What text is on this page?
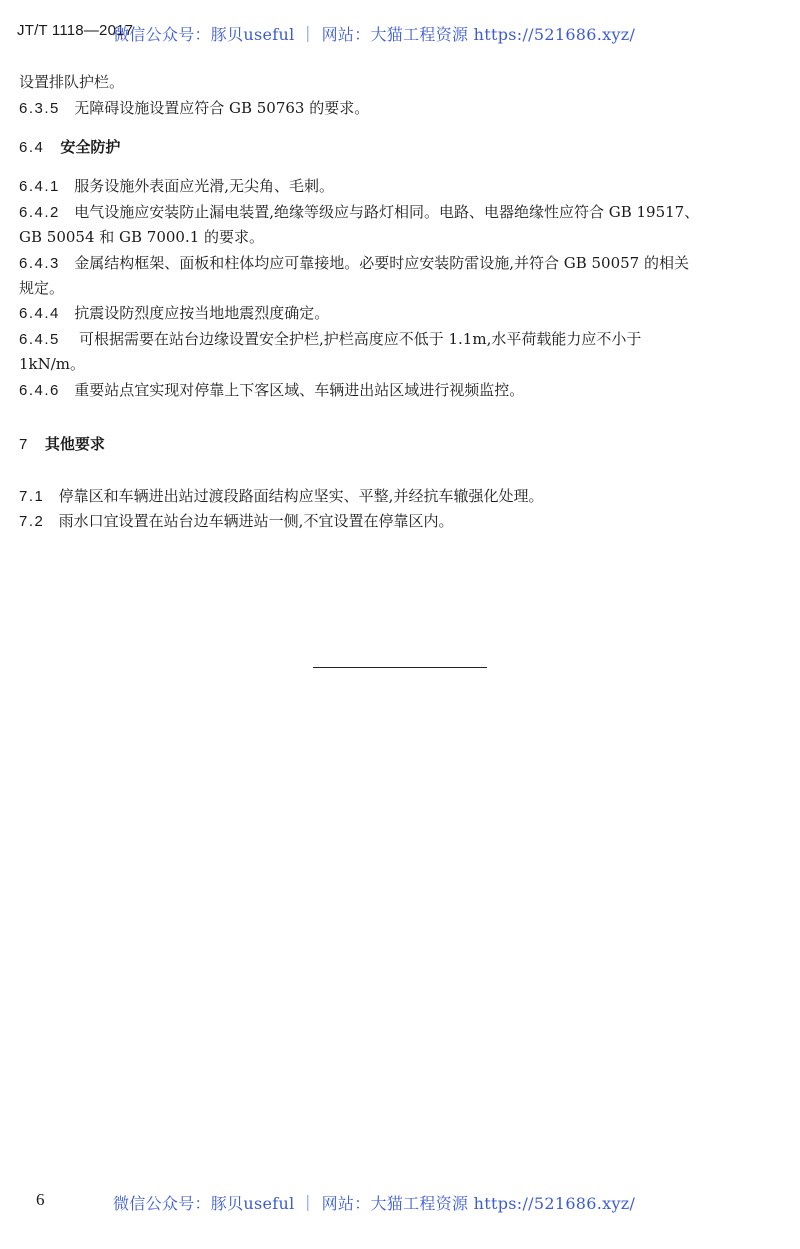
JT/T 1118—2017
微信公众号：豚贝useful ｜ 网站：大猫工程资源 https://521686.xyz/
设置排队护栏。
6.3.5 无障碍设施设置应符合 GB 50763 的要求。
6.4 安全防护
6.4.1 服务设施外表面应光滑,无尖角、毛刺。
6.4.2 电气设施应安装防止漏电装置,绝缘等级应与路灯相同。电路、电器绝缘性应符合 GB 19517、
GB 50054 和 GB 7000.1 的要求。
6.4.3 金属结构框架、面板和柱体均应可靠接地。必要时应安装防雷设施,并符合 GB 50057 的相关
规定。
6.4.4 抗震设防烈度应按当地地震烈度确定。
6.4.5 可根据需要在站台边缘设置安全护栏,护栏高度应不低于 1.1m,水平荷载能力应不小于
1kN/m。
6.4.6 重要站点宜实现对停靠上下客区域、车辆进出站区域进行视频监控。
7 其他要求
7.1 停靠区和车辆进出站过渡段路面结构应坚实、平整,并经抗车辙强化处理。
7.2 雨水口宜设置在站台边车辆进站一侧,不宜设置在停靠区内。
6	微信公众号：豚贝useful ｜ 网站：大猫工程资源 https://521686.xyz/
